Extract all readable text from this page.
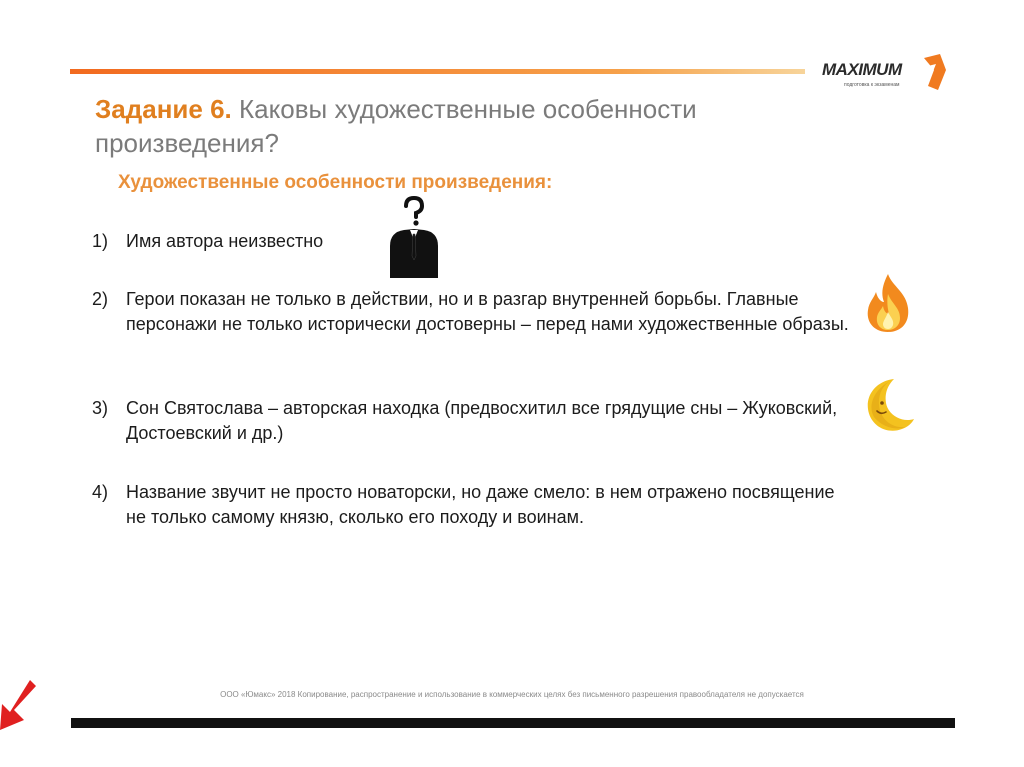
MAXIMUM
подготовка к экзаменам
Задание 6. Каковы художественные особенности произведения?
Художественные особенности произведения:
1) Имя автора неизвестно
2) Герои показан не только в действии, но и в разгар внутренней борьбы. Главные персонажи не только исторически достоверны – перед нами художественные образы.
3) Сон Святослава – авторская находка (предвосхитил все грядущие сны – Жуковский, Достоевский и др.)
4) Название звучит не просто новаторски, но даже смело: в нем отражено посвящение не только самому князю, сколько его походу и воинам.
ООО «Юмакс» 2018 Копирование, распространение и использование в коммерческих целях без письменного разрешения правообладателя не допускается
